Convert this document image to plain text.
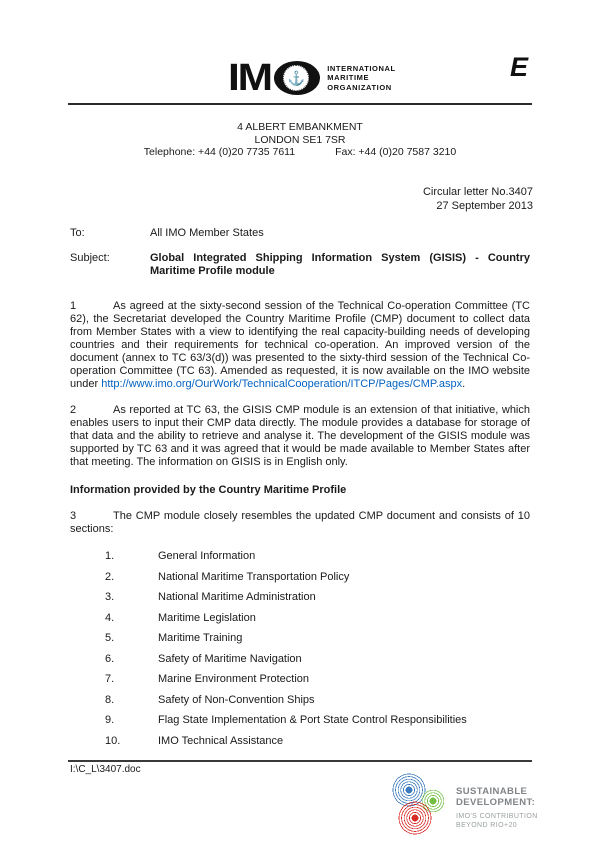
IM	⚓
INTERNATIONAL
MARITIME
ORGANIZATION
E
4 ALBERT EMBANKMENT
LONDON SE1 7SR
Telephone: +44 (0)20 7735 7611	Fax: +44 (0)20 7587 3210
Circular letter No.3407
27 September 2013
To:	All IMO Member States
Subject:	Global Integrated Shipping Information System (GISIS) - Country Maritime Profile module

1	As agreed at the sixty-second session of the Technical Co-operation Committee (TC 62), the Secretariat developed the Country Maritime Profile (CMP) document to collect data from Member States with a view to identifying the real capacity-building needs of developing countries and their requirements for technical co-operation. An improved version of the document (annex to TC 63/3(d)) was presented to the sixty-third session of the Technical Co-operation Committee (TC 63). Amended as requested, it is now available on the IMO website under http://www.imo.org/OurWork/TechnicalCooperation/ITCP/Pages/CMP.aspx.

2	As reported at TC 63, the GISIS CMP module is an extension of that initiative, which enables users to input their CMP data directly. The module provides a database for storage of that data and the ability to retrieve and analyse it. The development of the GISIS module was supported by TC 63 and it was agreed that it would be made available to Member States after that meeting. The information on GISIS is in English only.

Information provided by the Country Maritime Profile

3	The CMP module closely resembles the updated CMP document and consists of 10 sections:

1.	General Information
2.	National Maritime Transportation Policy
3.	National Maritime Administration
4.	Maritime Legislation
5.	Maritime Training
6.	Safety of Maritime Navigation
7.	Marine Environment Protection
8.	Safety of Non-Convention Ships
9.	Flag State Implementation & Port State Control Responsibilities
10.	IMO Technical Assistance
I:\C_L\3407.doc
SUSTAINABLE
DEVELOPMENT:
IMO'S CONTRIBUTION
BEYOND RIO+20
